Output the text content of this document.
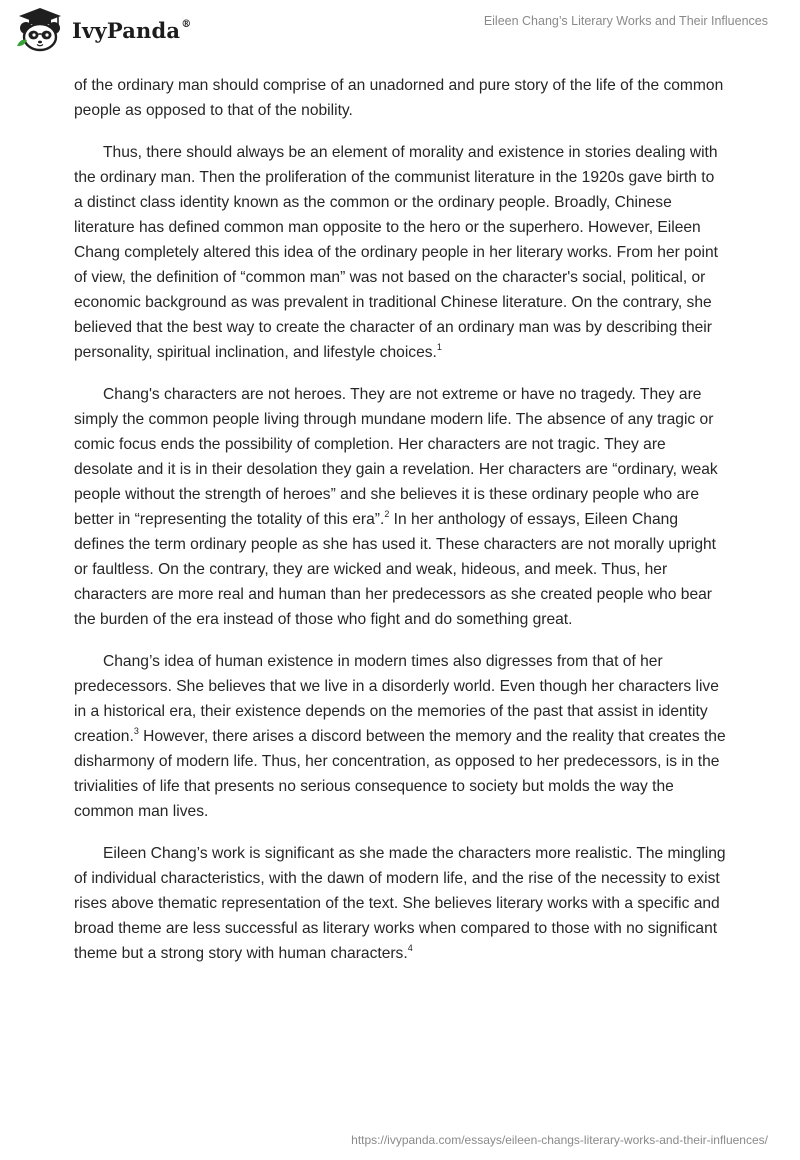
IvyPanda®	Eileen Chang’s Literary Works and Their Influences

of the ordinary man should comprise of an unadorned and pure story of the life of the common people as opposed to that of the nobility.

Thus, there should always be an element of morality and existence in stories dealing with the ordinary man. Then the proliferation of the communist literature in the 1920s gave birth to a distinct class identity known as the common or the ordinary people. Broadly, Chinese literature has defined common man opposite to the hero or the superhero. However, Eileen Chang completely altered this idea of the ordinary people in her literary works. From her point of view, the definition of “common man” was not based on the character's social, political, or economic background as was prevalent in traditional Chinese literature. On the contrary, she believed that the best way to create the character of an ordinary man was by describing their personality, spiritual inclination, and lifestyle choices.$^1$

Chang's characters are not heroes. They are not extreme or have no tragedy. They are simply the common people living through mundane modern life. The absence of any tragic or comic focus ends the possibility of completion. Her characters are not tragic. They are desolate and it is in their desolation they gain a revelation. Her characters are “ordinary, weak people without the strength of heroes” and she believes it is these ordinary people who are better in “representing the totality of this era”.$^2$ In her anthology of essays, Eileen Chang defines the term ordinary people as she has used it. These characters are not morally upright or faultless. On the contrary, they are wicked and weak, hideous, and meek. Thus, her characters are more real and human than her predecessors as she created people who bear the burden of the era instead of those who fight and do something great.

Chang’s idea of human existence in modern times also digresses from that of her predecessors. She believes that we live in a disorderly world. Even though her characters live in a historical era, their existence depends on the memories of the past that assist in identity creation.$^3$ However, there arises a discord between the memory and the reality that creates the disharmony of modern life. Thus, her concentration, as opposed to her predecessors, is in the trivialities of life that presents no serious consequence to society but molds the way the common man lives.

Eileen Chang’s work is significant as she made the characters more realistic. The mingling of individual characteristics, with the dawn of modern life, and the rise of the necessity to exist rises above thematic representation of the text. She believes literary works with a specific and broad theme are less successful as literary works when compared to those with no significant theme but a strong story with human characters.$^4$

https://ivypanda.com/essays/eileen-changs-literary-works-and-their-influences/
